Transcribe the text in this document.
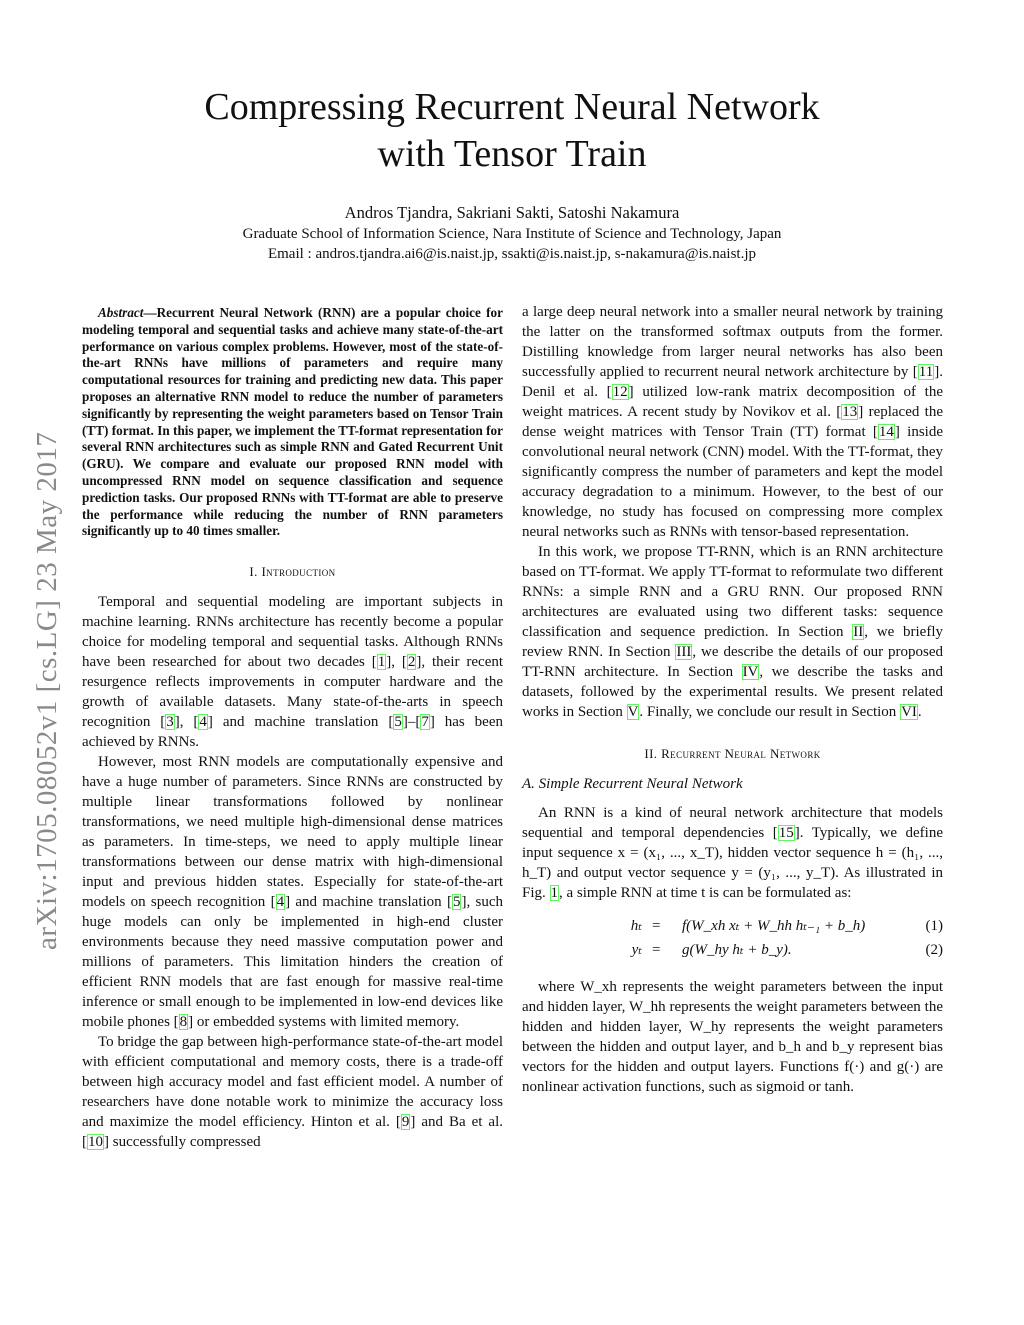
arXiv:1705.08052v1 [cs.LG] 23 May 2017
Compressing Recurrent Neural Network
with Tensor Train
Andros Tjandra, Sakriani Sakti, Satoshi Nakamura
Graduate School of Information Science, Nara Institute of Science and Technology, Japan
Email : andros.tjandra.ai6@is.naist.jp, ssakti@is.naist.jp, s-nakamura@is.naist.jp

Abstract—Recurrent Neural Network (RNN) are a popular choice for modeling temporal and sequential tasks and achieve many state-of-the-art performance on various complex problems. However, most of the state-of-the-art RNNs have millions of parameters and require many computational resources for training and predicting new data. This paper proposes an alternative RNN model to reduce the number of parameters significantly by representing the weight parameters based on Tensor Train (TT) format. In this paper, we implement the TT-format representation for several RNN architectures such as simple RNN and Gated Recurrent Unit (GRU). We compare and evaluate our proposed RNN model with uncompressed RNN model on sequence classification and sequence prediction tasks. Our proposed RNNs with TT-format are able to preserve the performance while reducing the number of RNN parameters significantly up to 40 times smaller.

I. Introduction

Temporal and sequential modeling are important subjects in machine learning. RNNs architecture has recently become a popular choice for modeling temporal and sequential tasks. Although RNNs have been researched for about two decades [1], [2], their recent resurgence reflects improvements in computer hardware and the growth of available datasets. Many state-of-the-arts in speech recognition [3], [4] and machine translation [5]–[7] has been achieved by RNNs.

However, most RNN models are computationally expensive and have a huge number of parameters. Since RNNs are constructed by multiple linear transformations followed by nonlinear transformations, we need multiple high-dimensional dense matrices as parameters. In time-steps, we need to apply multiple linear transformations between our dense matrix with high-dimensional input and previous hidden states. Especially for state-of-the-art models on speech recognition [4] and machine translation [5], such huge models can only be implemented in high-end cluster environments because they need massive computation power and millions of parameters. This limitation hinders the creation of efficient RNN models that are fast enough for massive real-time inference or small enough to be implemented in low-end devices like mobile phones [8] or embedded systems with limited memory.

To bridge the gap between high-performance state-of-the-art model with efficient computational and memory costs, there is a trade-off between high accuracy model and fast efficient model. A number of researchers have done notable work to minimize the accuracy loss and maximize the model efficiency. Hinton et al. [9] and Ba et al. [10] successfully compressed

a large deep neural network into a smaller neural network by training the latter on the transformed softmax outputs from the former. Distilling knowledge from larger neural networks has also been successfully applied to recurrent neural network architecture by [11]. Denil et al. [12] utilized low-rank matrix decomposition of the weight matrices. A recent study by Novikov et al. [13] replaced the dense weight matrices with Tensor Train (TT) format [14] inside convolutional neural network (CNN) model. With the TT-format, they significantly compress the number of parameters and kept the model accuracy degradation to a minimum. However, to the best of our knowledge, no study has focused on compressing more complex neural networks such as RNNs with tensor-based representation.

In this work, we propose TT-RNN, which is an RNN architecture based on TT-format. We apply TT-format to reformulate two different RNNs: a simple RNN and a GRU RNN. Our proposed RNN architectures are evaluated using two different tasks: sequence classification and sequence prediction. In Section II, we briefly review RNN. In Section III, we describe the details of our proposed TT-RNN architecture. In Section IV, we describe the tasks and datasets, followed by the experimental results. We present related works in Section V. Finally, we conclude our result in Section VI.

II. Recurrent Neural Network
A. Simple Recurrent Neural Network

An RNN is a kind of neural network architecture that models sequential and temporal dependencies [15]. Typically, we define input sequence x = (x₁, ..., x_T), hidden vector sequence h = (h₁, ..., h_T) and output vector sequence y = (y₁, ..., y_T). As illustrated in Fig. 1, a simple RNN at time t is can be formulated as:

hₜ = f(W_xh xₜ + W_hh hₜ₋₁ + b_h)	(1)
yₜ = g(W_hy hₜ + b_y).	(2)

where W_xh represents the weight parameters between the input and hidden layer, W_hh represents the weight parameters between the hidden and hidden layer, W_hy represents the weight parameters between the hidden and output layer, and b_h and b_y represent bias vectors for the hidden and output layers. Functions f(·) and g(·) are nonlinear activation functions, such as sigmoid or tanh.
